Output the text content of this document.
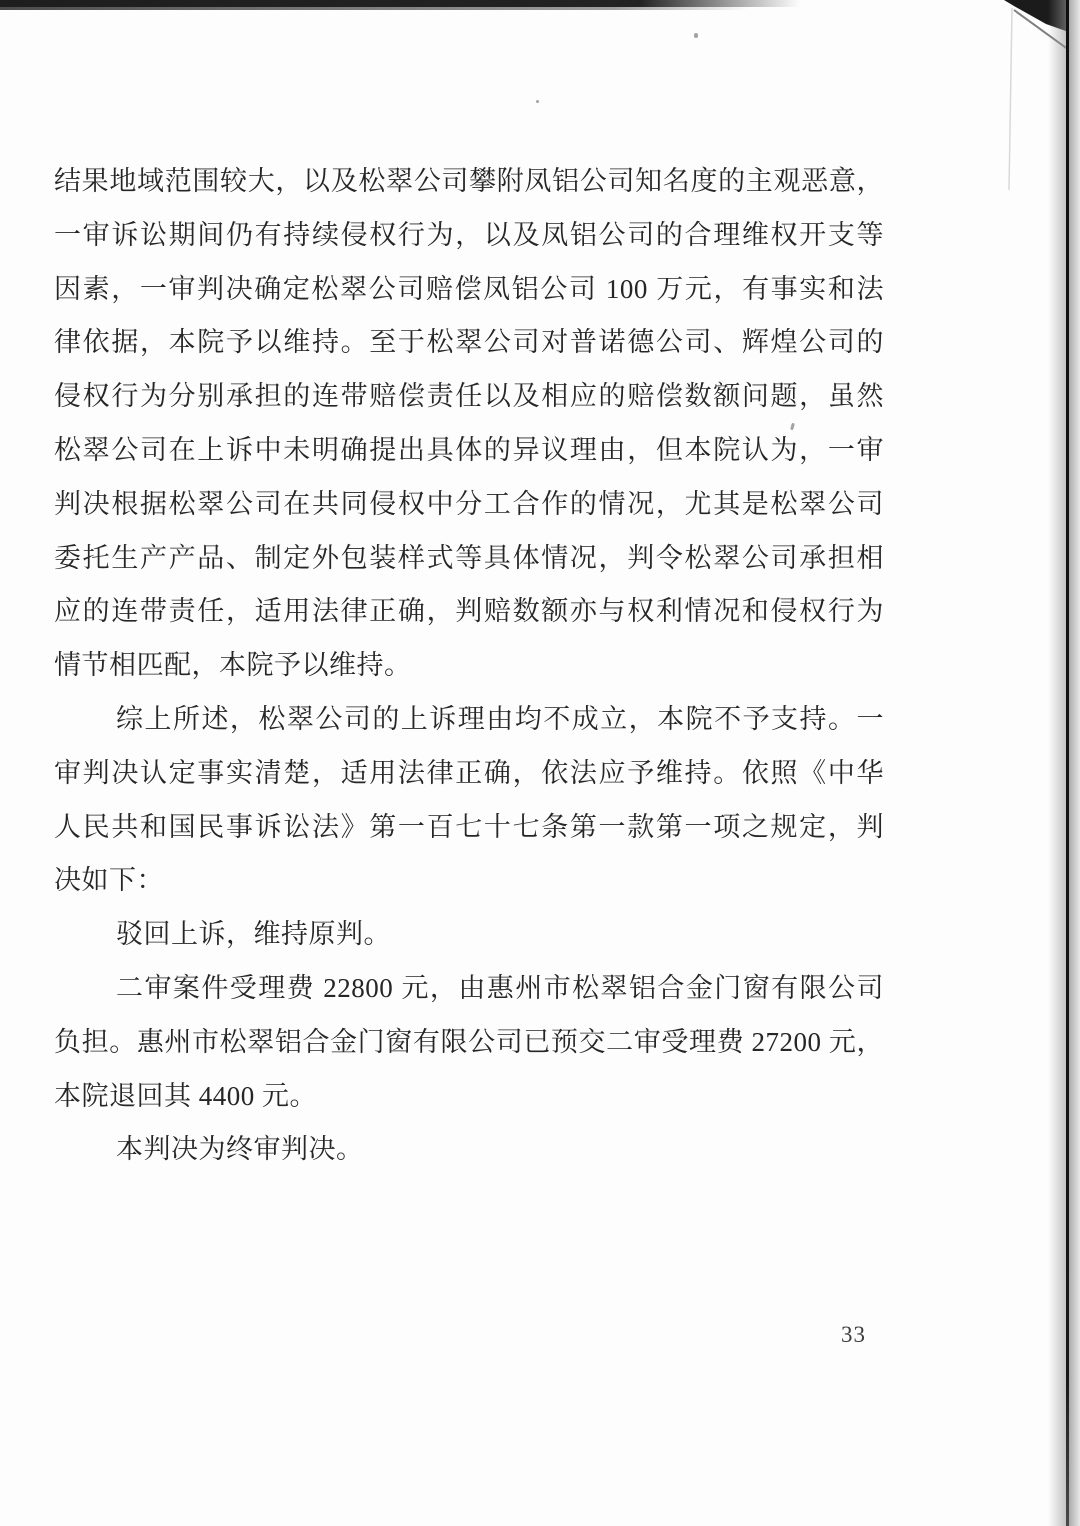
结果地域范围较大，以及松翠公司攀附凤铝公司知名度的主观恶意，
一审诉讼期间仍有持续侵权行为，以及凤铝公司的合理维权开支等
因素，一审判决确定松翠公司赔偿凤铝公司 100 万元，有事实和法
律依据，本院予以维持。至于松翠公司对普诺德公司、辉煌公司的
侵权行为分别承担的连带赔偿责任以及相应的赔偿数额问题，虽然
松翠公司在上诉中未明确提出具体的异议理由，但本院认为，一审
判决根据松翠公司在共同侵权中分工合作的情况，尤其是松翠公司
委托生产产品、制定外包装样式等具体情况，判令松翠公司承担相
应的连带责任，适用法律正确，判赔数额亦与权利情况和侵权行为
情节相匹配，本院予以维持。
综上所述，松翠公司的上诉理由均不成立，本院不予支持。一
审判决认定事实清楚，适用法律正确，依法应予维持。依照《中华
人民共和国民事诉讼法》第一百七十七条第一款第一项之规定，判
决如下：
驳回上诉，维持原判。
二审案件受理费 22800 元，由惠州市松翠铝合金门窗有限公司
负担。惠州市松翠铝合金门窗有限公司已预交二审受理费 27200 元，
本院退回其 4400 元。
本判决为终审判决。
33
